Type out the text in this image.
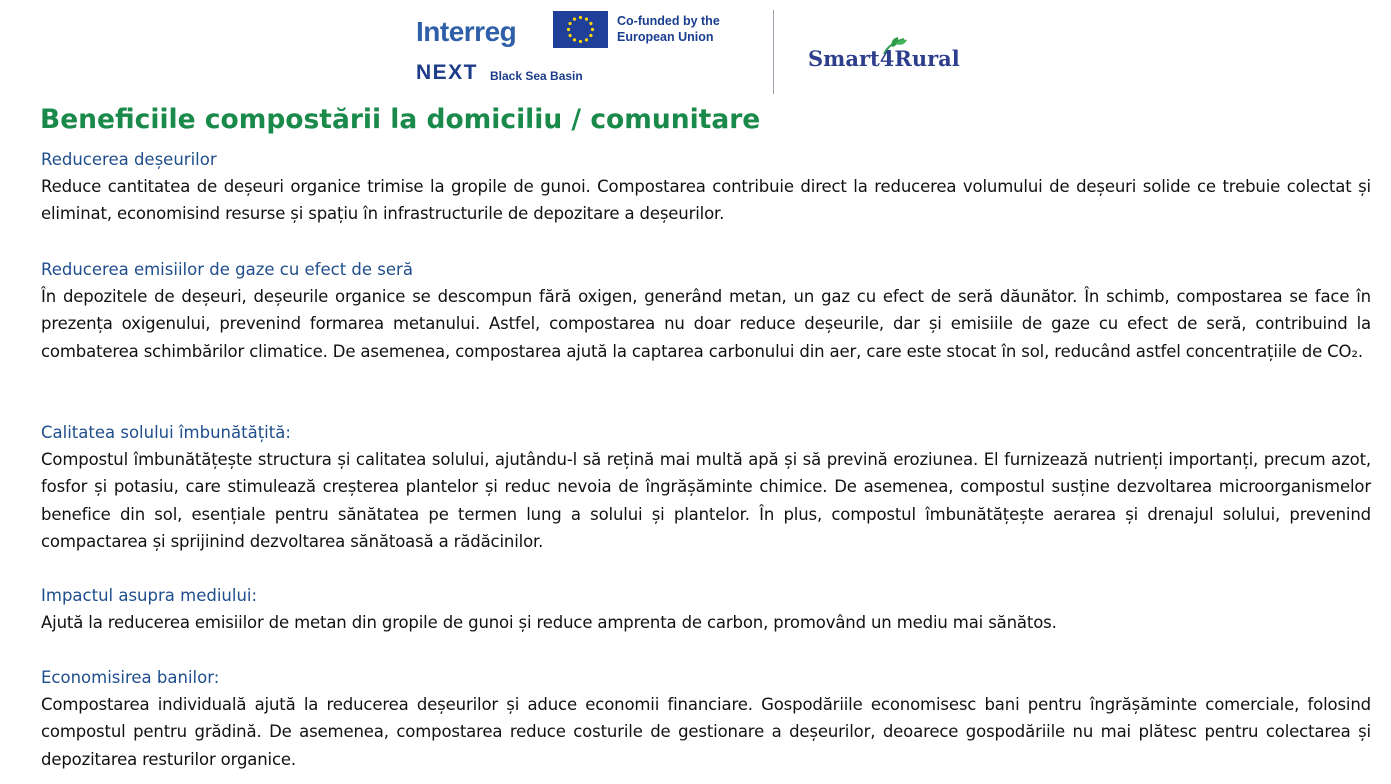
Interreg	Co-funded by the European Union
NEXT Black Sea Basin
Smart4Rural
Beneficiile compostării la domiciliu / comunitare
Reducerea deșeurilor

Reduce cantitatea de deșeuri organice trimise la gropile de gunoi. Compostarea contribuie direct la reducerea volumului de deșeuri solide ce trebuie colectat și eliminat, economisind resurse și spațiu în infrastructurile de depozitare a deșeurilor.

Reducerea emisiilor de gaze cu efect de seră

În depozitele de deșeuri, deșeurile organice se descompun fără oxigen, generând metan, un gaz cu efect de seră dăunător. În schimb, compostarea se face în prezența oxigenului, prevenind formarea metanului. Astfel, compostarea nu doar reduce deșeurile, dar și emisiile de gaze cu efect de seră, contribuind la combaterea schimbărilor climatice. De asemenea, compostarea ajută la captarea carbonului din aer, care este stocat în sol, reducând astfel concentrațiile de CO₂.

Calitatea solului îmbunătățită:

Compostul îmbunătățește structura și calitatea solului, ajutându-l să rețină mai multă apă și să prevină eroziunea. El furnizează nutrienți importanți, precum azot, fosfor și potasiu, care stimulează creșterea plantelor și reduc nevoia de îngrășăminte chimice. De asemenea, compostul susține dezvoltarea microorganismelor benefice din sol, esențiale pentru sănătatea pe termen lung a solului și plantelor. În plus, compostul îmbunătățește aerarea și drenajul solului, prevenind compactarea și sprijinind dezvoltarea sănătoasă a rădăcinilor.

Impactul asupra mediului:

Ajută la reducerea emisiilor de metan din gropile de gunoi și reduce amprenta de carbon, promovând un mediu mai sănătos.

Economisirea banilor:

Compostarea individuală ajută la reducerea deșeurilor și aduce economii financiare. Gospodăriile economisesc bani pentru îngrășăminte comerciale, folosind compostul pentru grădină. De asemenea, compostarea reduce costurile de gestionare a deșeurilor, deoarece gospodăriile nu mai plătesc pentru colectarea și depozitarea resturilor organice.
